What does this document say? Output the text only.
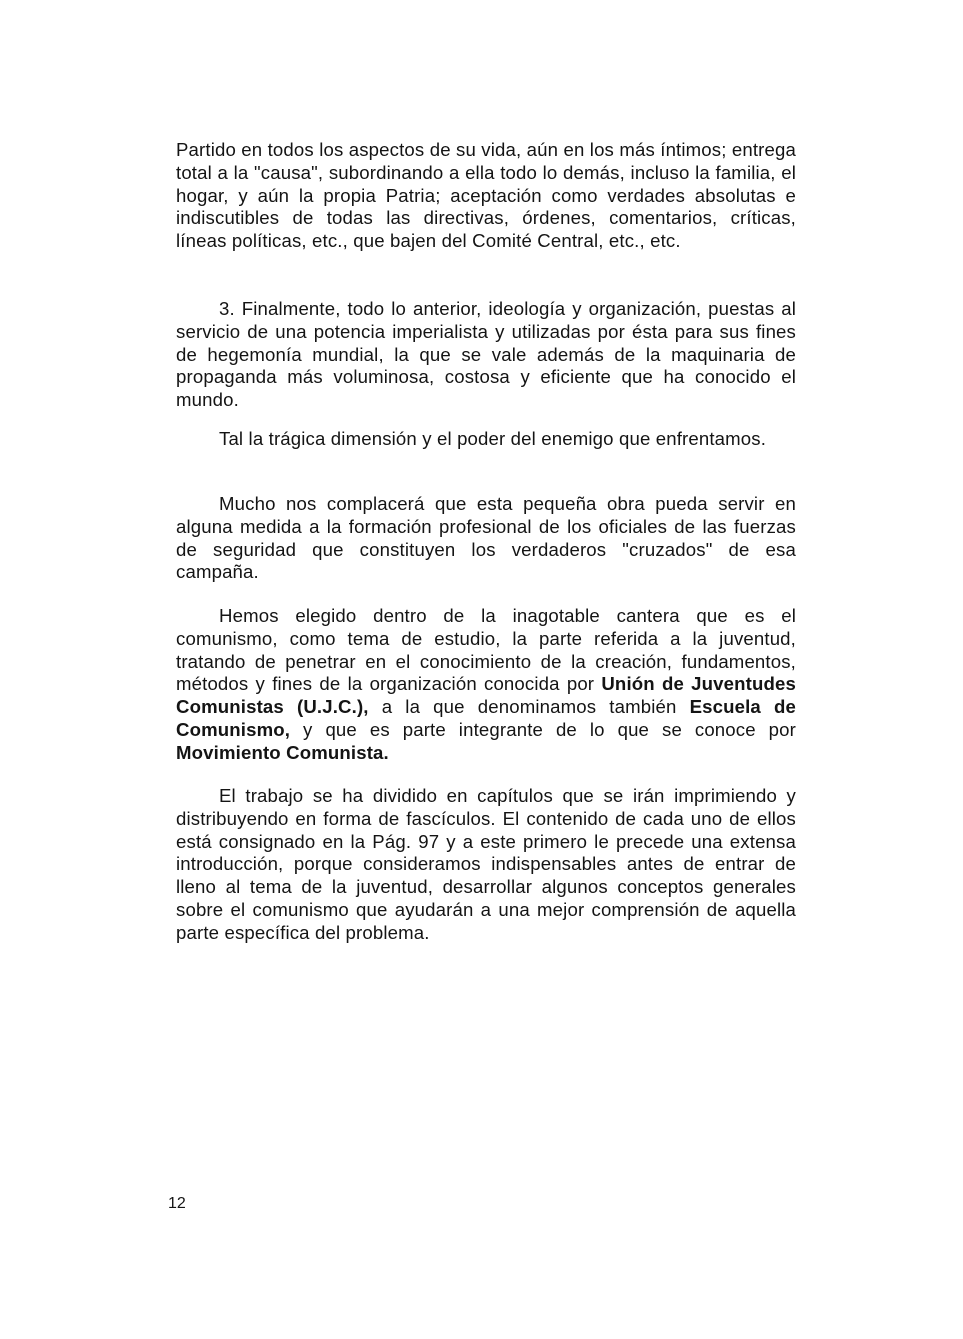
Partido en todos los aspectos de su vida, aún en los más íntimos; entrega total a la "causa", subordinando a ella todo lo demás, incluso la familia, el hogar, y aún la propia Patria; aceptación como verdades absolutas e indiscutibles de todas las directivas, órdenes, comentarios, críticas, líneas políticas, etc., que bajen del Comité Central, etc., etc.

3. Finalmente, todo lo anterior, ideología y organización, puestas al servicio de una potencia imperialista y utilizadas por ésta para sus fines de hegemonía mundial, la que se vale además de la maquinaria de propaganda más voluminosa, costosa y eficiente que ha conocido el mundo.

Tal la trágica dimensión y el poder del enemigo que enfrentamos.

Mucho nos complacerá que esta pequeña obra pueda servir en alguna medida a la formación profesional de los oficiales de las fuerzas de seguridad que constituyen los verdaderos "cruzados" de esa campaña.

Hemos elegido dentro de la inagotable cantera que es el comunismo, como tema de estudio, la parte referida a la juventud, tratando de penetrar en el conocimiento de la creación, fundamentos, métodos y fines de la organización conocida por Unión de Juventudes Comunistas (U.J.C.), a la que denominamos también Escuela de Comunismo, y que es parte integrante de lo que se conoce por Movimiento Comunista.

El trabajo se ha dividido en capítulos que se irán imprimiendo y distribuyendo en forma de fascículos. El contenido de cada uno de ellos está consignado en la Pág. 97 y a este primero le precede una extensa introducción, porque consideramos indispensables antes de entrar de lleno al tema de la juventud, desarrollar algunos conceptos generales sobre el comunismo que ayudarán a una mejor comprensión de aquella parte específica del problema.

12
